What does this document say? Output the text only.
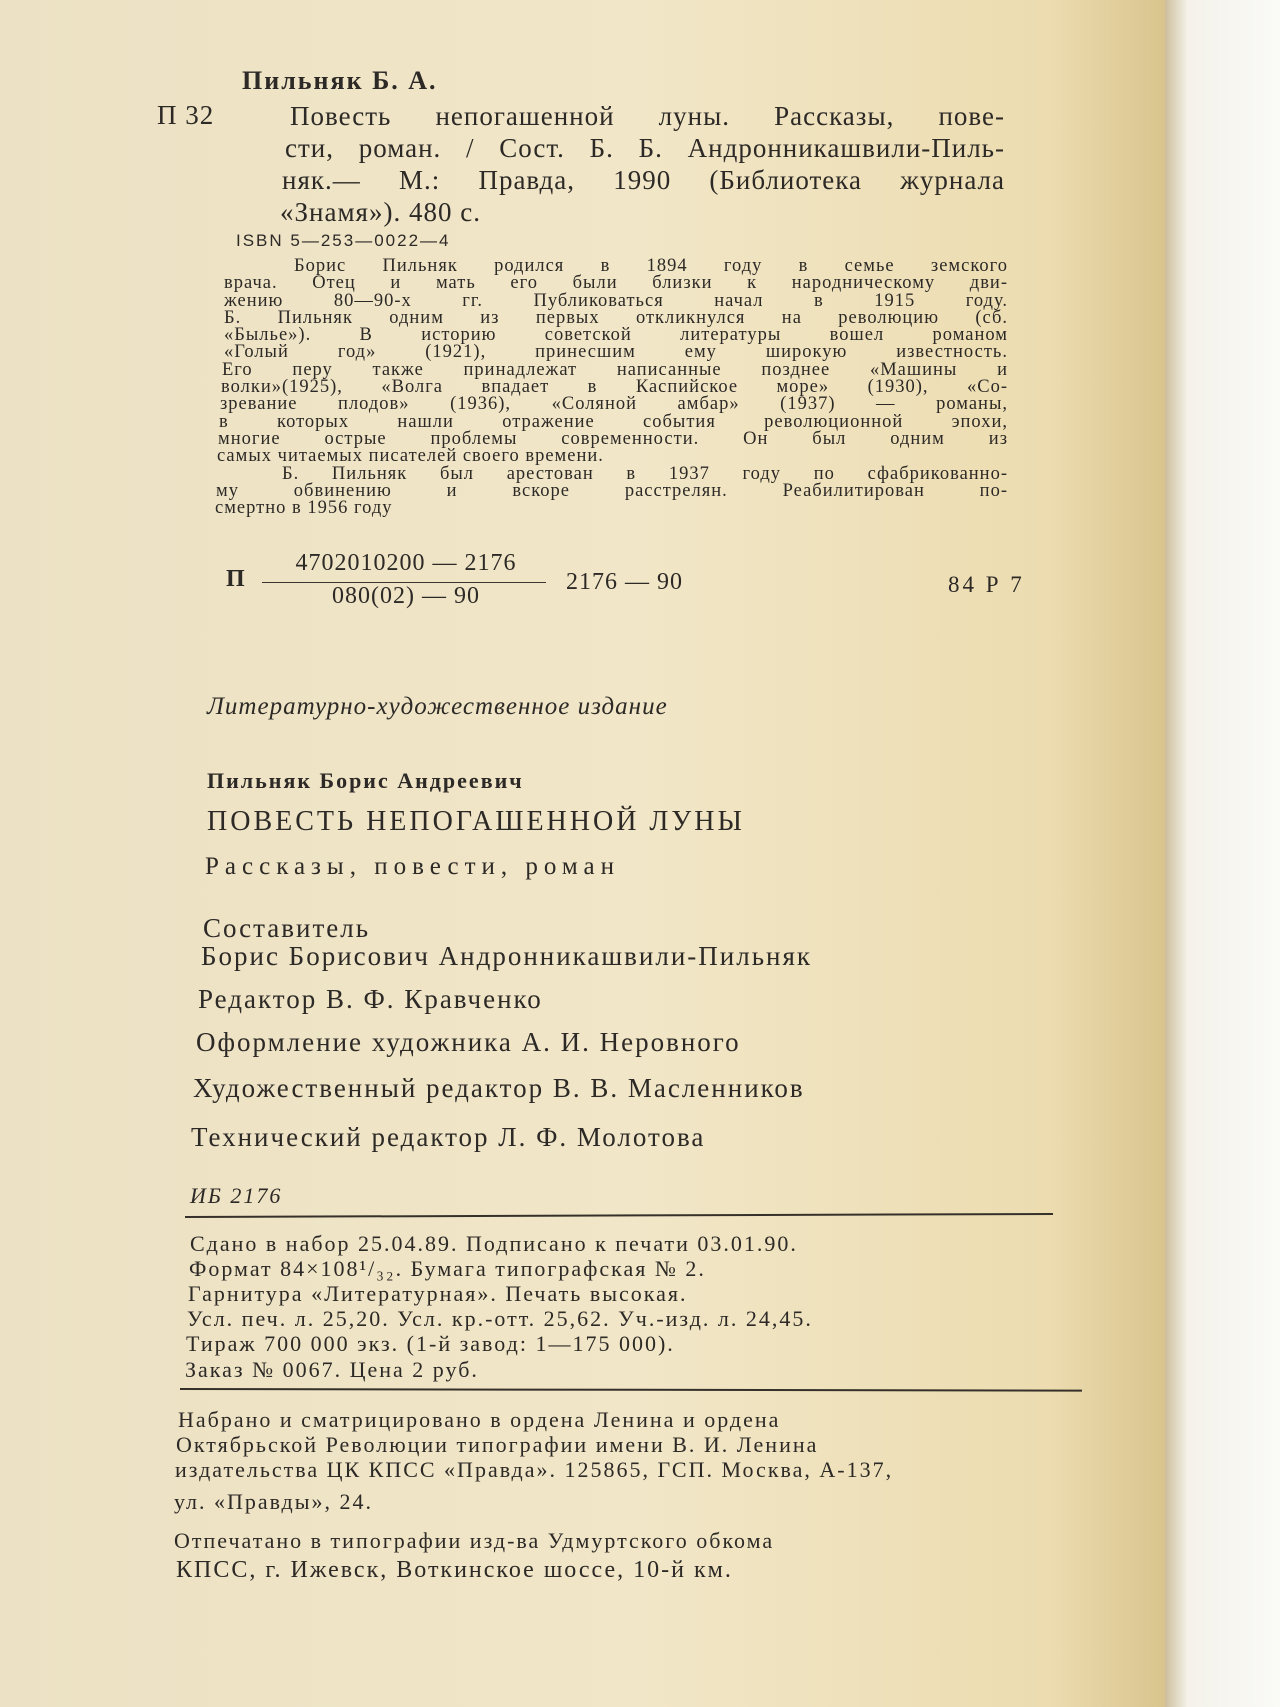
Пильняк Б. А.
П 32	Повесть непогашенной луны. Рассказы, пове-
сти, роман. / Сост. Б. Б. Андронникашвили-Пиль-
няк.— М.: Правда, 1990 (Библиотека журнала
«Знамя»). 480 с.
ISBN 5—253—0022—4
Борис Пильняк родился в 1894 году в семье земского
врача. Отец и мать его были близки к народническому дви-
жению 80—90-х гг. Публиковаться начал в 1915 году.
Б. Пильняк одним из первых откликнулся на революцию (сб.
«Былье»). В историю советской литературы вошел романом
«Голый год» (1921), принесшим ему широкую известность.
Его перу также принадлежат написанные позднее «Машины и
волки»(1925), «Волга впадает в Каспийское море» (1930), «Со-
зревание плодов» (1936), «Соляной амбар» (1937) — романы,
в которых нашли отражение события революционной эпохи,
многие острые проблемы современности. Он был одним из
самых читаемых писателей своего времени.
Б. Пильняк был арестован в 1937 году по сфабрикованно-
му обвинению и вскоре расстрелян. Реабилитирован по-
смертно в 1956 году
П
4702010200 — 2176
080(02) — 90
2176 — 90	84 Р 7
Литературно-художественное издание
Пильняк Борис Андреевич
ПОВЕСТЬ НЕПОГАШЕННОЙ ЛУНЫ
Рассказы, повести, роман
Составитель
Борис Борисович Андронникашвили-Пильняк
Редактор В. Ф. Кравченко
Оформление художника А. И. Неровного
Художественный редактор В. В. Масленников
Технический редактор Л. Ф. Молотова
ИБ 2176
Сдано в набор 25.04.89. Подписано к печати 03.01.90.
Формат 84×108¹/₃₂. Бумага типографская № 2.
Гарнитура «Литературная». Печать высокая.
Усл. печ. л. 25,20. Усл. кр.-отт. 25,62. Уч.-изд. л. 24,45.
Тираж 700 000 экз. (1-й завод: 1—175 000).
Заказ № 0067. Цена 2 руб.
Набрано и сматрицировано в ордена Ленина и ордена
Октябрьской Революции типографии имени В. И. Ленина
издательства ЦК КПСС «Правда». 125865, ГСП. Москва, А-137,
ул. «Правды», 24.
Отпечатано в типографии изд-ва Удмуртского обкома
КПСС, г. Ижевск, Воткинское шоссе, 10-й км.
